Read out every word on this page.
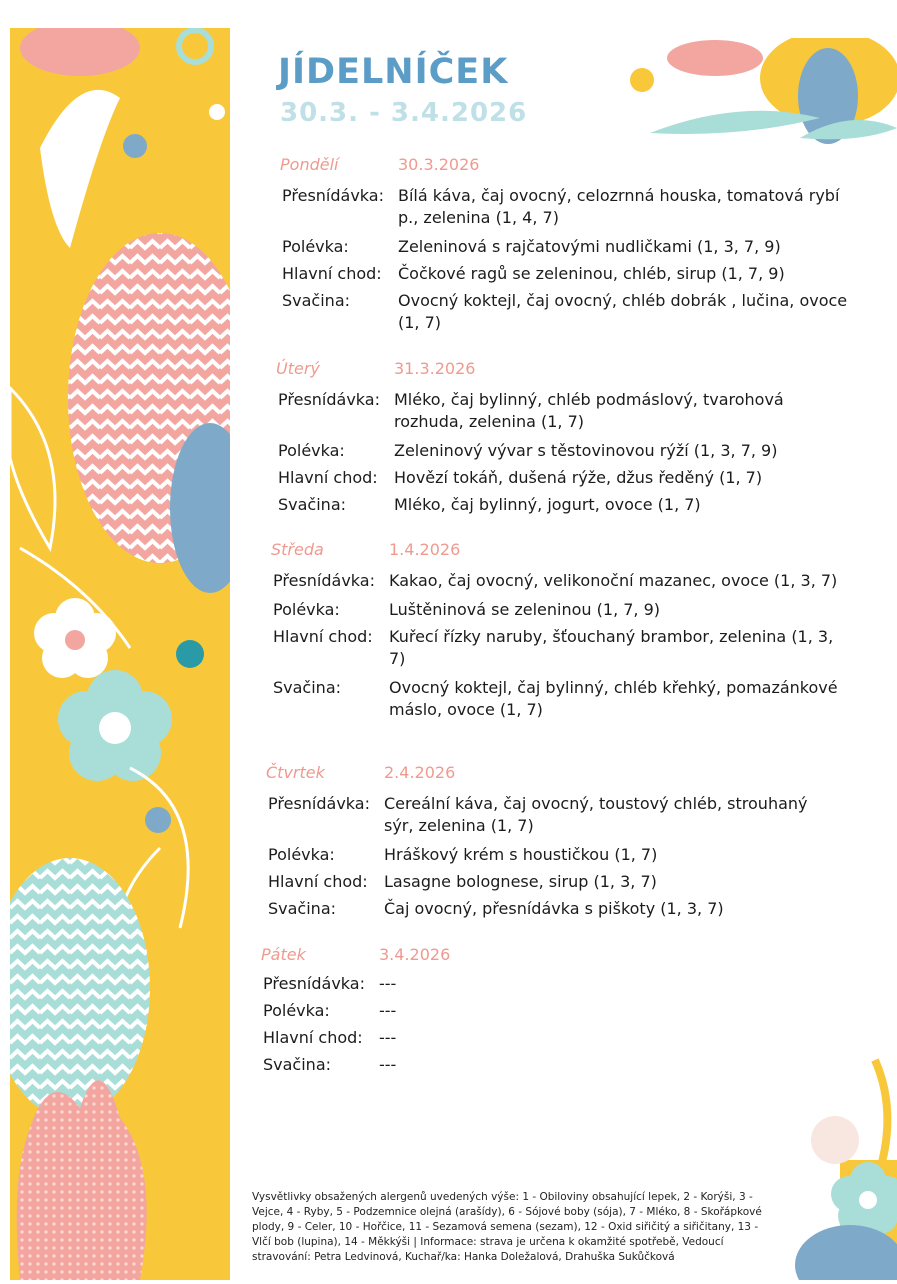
JÍDELNÍČEK
30.3. - 3.4.2026
Pondělí	30.3.2026
Přesnídávka: Bílá káva, čaj ovocný, celozrnná houska, tomatová rybí p., zelenina (1, 4, 7)
Polévka:	Zeleninová s rajčatovými nudličkami (1, 3, 7, 9)
Hlavní chod: Čočkové ragů se zeleninou, chléb, sirup (1, 7, 9)
Svačina:	Ovocný koktejl, čaj ovocný, chléb dobrák , lučina, ovoce (1, 7)
Úterý	31.3.2026
Přesnídávka: Mléko, čaj bylinný, chléb podmáslový, tvarohová rozhuda, zelenina (1, 7)
Polévka:	Zeleninový vývar s těstovinovou rýží (1, 3, 7, 9)
Hlavní chod: Hovězí tokáň, dušená rýže, džus ředěný (1, 7)
Svačina:	Mléko, čaj bylinný, jogurt, ovoce (1, 7)
Středa	1.4.2026
Přesnídávka: Kakao, čaj ovocný, velikonoční mazanec, ovoce (1, 3, 7)
Polévka:	Luštěninová se zeleninou (1, 7, 9)
Hlavní chod: Kuřecí řízky naruby, šťouchaný brambor, zelenina (1, 3, 7)
Svačina:	Ovocný koktejl, čaj bylinný, chléb křehký, pomazánkové máslo, ovoce (1, 7)
Čtvrtek	2.4.2026
Přesnídávka: Cereální káva, čaj ovocný, toustový chléb, strouhaný sýr, zelenina (1, 7)
Polévka:	Hráškový krém s houstičkou (1, 7)
Hlavní chod: Lasagne bolognese, sirup (1, 3, 7)
Svačina:	Čaj ovocný, přesnídávka s piškoty (1, 3, 7)
Pátek	3.4.2026
Přesnídávka: ---
Polévka:	---
Hlavní chod: ---
Svačina:	---
Vysvětlivky obsažených alergenů uvedených výše: 1 - Obiloviny obsahující lepek, 2 - Korýši, 3 - Vejce, 4 - Ryby, 5 - Podzemnice olejná (arašídy), 6 - Sójové boby (sója), 7 - Mléko, 8 - Skořápkové plody, 9 - Celer, 10 - Hořčice, 11 - Sezamová semena (sezam), 12 - Oxid siřičitý a siřičitany, 13 - Vlčí bob (lupina), 14 - Měkkýši | Informace: strava je určena k okamžité spotřebě, Vedoucí stravování: Petra Ledvinová, Kuchař/ka: Hanka Doležalová, Drahuška Sukůčková
